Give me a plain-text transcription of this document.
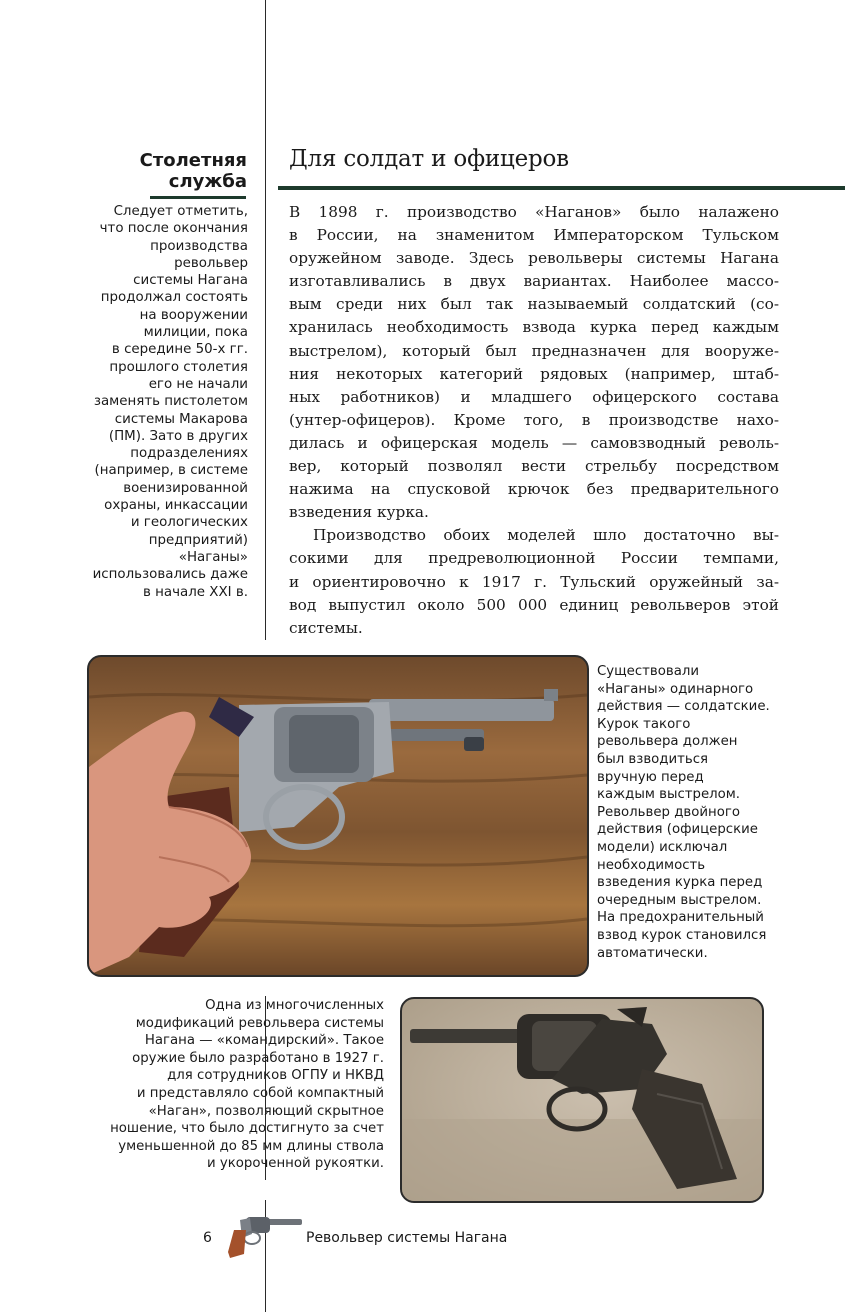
Столетняя
служба
Следует отметить,
что после окончания
производства
револьвер
системы Нагана
продолжал состоять
на вооружении
милиции, пока
в середине 50-х гг.
прошлого столетия
его не начали
заменять пистолетом
системы Макарова
(ПМ). Зато в других
подразделениях
(например, в системе
военизированной
охраны, инкассации
и геологических
предприятий)
«Наганы»
использовались даже
в начале XXI в.
Для солдат и офицеров
В 1898 г. производство «Наганов» было налажено
в России, на знаменитом Императорском Тульском
оружейном заводе. Здесь револьверы системы Нагана
изготавливались в двух вариантах. Наиболее массо-
вым среди них был так называемый солдатский (со-
хранилась необходимость взвода курка перед каждым
выстрелом), который был предназначен для вооруже-
ния некоторых категорий рядовых (например, штаб-
ных работников) и младшего офицерского состава
(унтер-офицеров). Кроме того, в производстве нахо-
дилась и офицерская модель — самовзводный револь-
вер, который позволял вести стрельбу посредством
нажима на спусковой крючок без предварительного
взведения курка.
Производство обоих моделей шло достаточно вы-
сокими для предреволюционной России темпами,
и ориентировочно к 1917 г. Тульский оружейный за-
вод выпустил около 500 000 единиц револьверов этой
системы.
Существовали
«Наганы» одинарного
действия — солдатские.
Курок такого
револьвера должен
был взводиться
вручную перед
каждым выстрелом.
Револьвер двойного
действия (офицерские
модели) исключал
необходимость
взведения курка перед
очередным выстрелом.
На предохранительный
взвод курок становился
автоматически.
Одна из многочисленных
модификаций револьвера системы
Нагана — «командирский». Такое
оружие было разработано в 1927 г.
для сотрудников ОГПУ и НКВД
и представляло собой компактный
«Наган», позволяющий скрытное
ношение, что было достигнуто за счет
уменьшенной до 85 мм длины ствола
и укороченной рукоятки.
6	Револьвер системы Нагана
